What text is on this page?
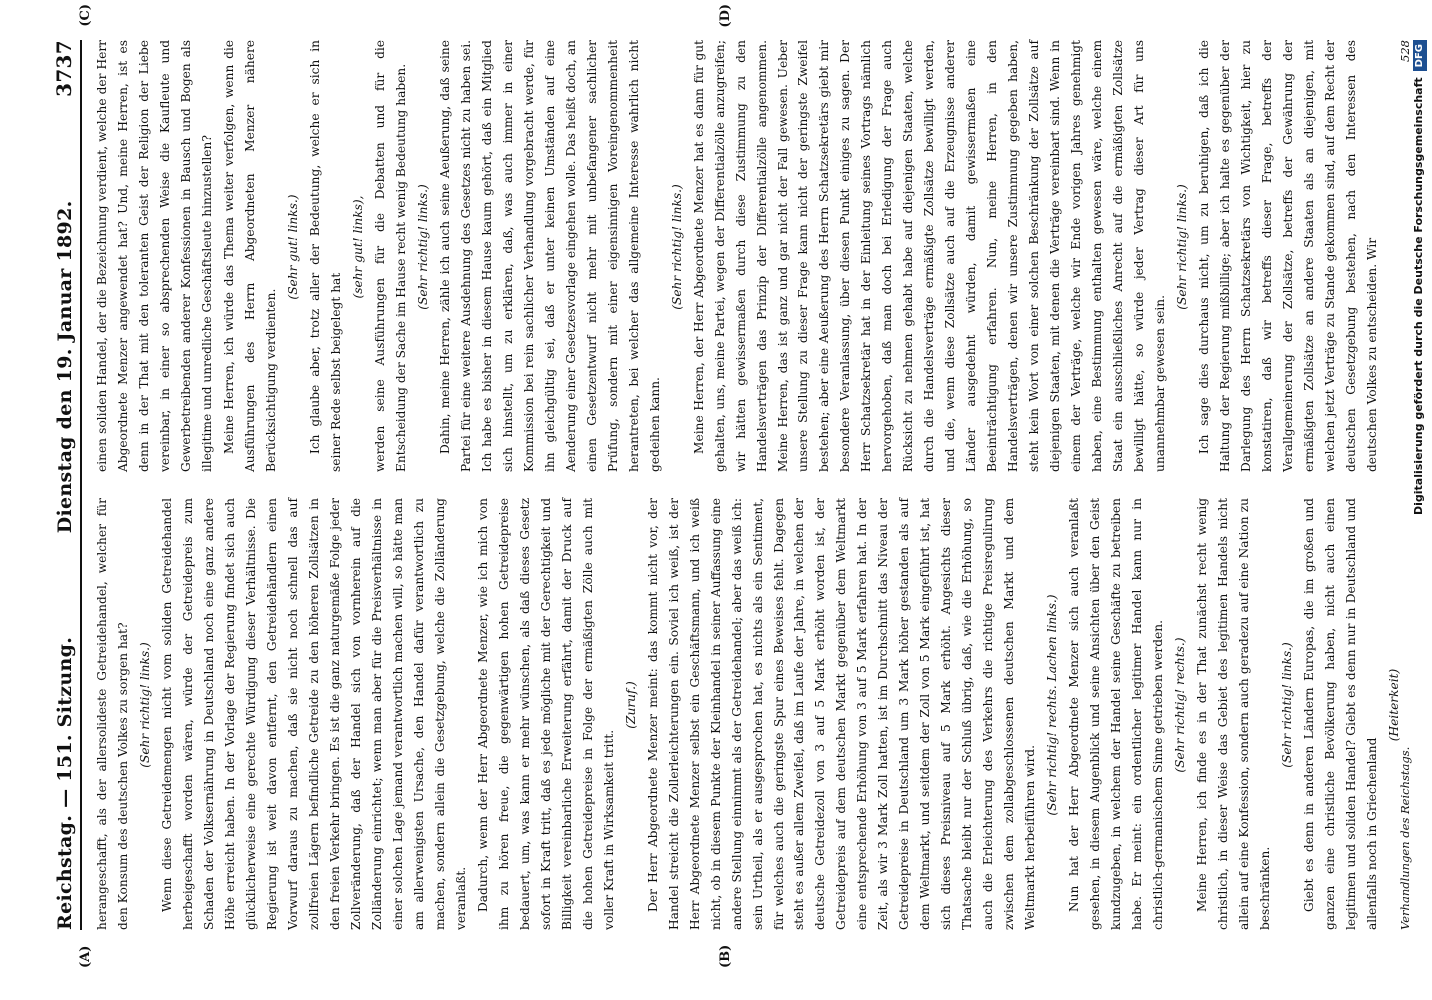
Reichstag. — 151. Sitzung.
Dienstag den 19. Januar 1892.
3737
(A)	(B)
(C)	(D)

herangeschafft, als der allersolideste Getreidehandel, welcher für den Konsum des deutschen Volkes zu sorgen hat? (Sehr richtig! links.) Wenn diese Getreidemengen nicht vom soliden Getreidehandel herbeigeschafft worden wären, würde der Getreidepreis zum Schaden der Volksernährung in Deutschland noch eine ganz andere Höhe erreicht haben. In der Vorlage der Regierung findet sich auch glücklicherweise eine gerechte Würdigung dieser Verhältnisse. Die Regierung ist weit davon entfernt, den Getreidehändlern einen Vorwurf daraus zu machen, daß sie nicht noch schnell das auf zollfreien Lägern befindliche Getreide zu den höheren Zollsätzen in den freien Verkehr bringen. Es ist die ganz naturgemäße Folge jeder Zollveränderung, daß der Handel sich von vornherein auf die Zolländerung einrichtet; wenn man aber für die Preisverhältnisse in einer solchen Lage jemand verantwortlich machen will, so hätte man am allerwenigsten Ursache, den Handel dafür verantwortlich zu machen, sondern allein die Gesetzgebung, welche die Zolländerung veranlaßt. Dadurch, wenn der Herr Abgeordnete Menzer, wie ich mich von ihm zu hören freue, die gegenwärtigen hohen Getreidepreise bedauert, um, was kann er mehr wünschen, als daß dieses Gesetz sofort in Kraft tritt, daß es jede mögliche mit der Gerechtigkeit und Billigkeit vereinbarliche Erweiterung erfährt, damit der Druck auf die hohen Getreidepreise in Folge der ermäßigten Zölle auch mit voller Kraft in Wirksamkeit tritt.

(Zuruf.) Der Herr Abgeordnete Menzer meint: das kommt nicht vor, der Handel streicht die Zollerleichterungen ein. Soviel ich weiß, ist der Herr Abgeordnete Menzer selbst ein Geschäftsmann, und ich weiß nicht, ob in diesem Punkte der Kleinhandel in seiner Auffassung eine andere Stellung einnimmt als der Getreidehandel; aber das weiß ich: sein Urtheil, als er ausgesprochen hat, es nichts als ein Sentiment, für welches auch die geringste Spur eines Beweises fehlt. Dagegen steht es außer allem Zweifel, daß im Laufe der Jahre, in welchen der deutsche Getreidezoll von 3 auf 5 Mark erhöht worden ist, der Getreidepreis auf dem deutschen Markt gegenüber dem Weltmarkt eine entsprechende Erhöhung von 3 auf 5 Mark erfahren hat. In der Zeit, als wir 3 Mark Zoll hatten, ist im Durchschnitt das Niveau der Getreidepreise in Deutschland um 3 Mark höher gestanden als auf dem Weltmarkt, und seitdem der Zoll von 5 Mark eingeführt ist, hat sich dieses Preisniveau auf 5 Mark erhöht. Angesichts dieser Thatsache bleibt nur der Schluß übrig, daß, wie die Erhöhung, so auch die Erleichterung des Verkehrs die richtige Preisregulirung zwischen dem zollabgeschlossenen deutschen Markt und dem Weltmarkt herbeiführen wird.

(Sehr richtig! rechts. Lachen links.) Nun hat der Herr Abgeordnete Menzer sich auch veranlaßt gesehen, in diesem Augenblick und seine Ansichten über den Geist kundzugeben, in welchem der Handel seine Geschäfte zu betreiben habe. Er meint: ein ordentlicher legitimer Handel kann nur in christlich-germanischem Sinne getrieben werden. (Sehr richtig! rechts.) Meine Herren, ich finde es in der That zunächst recht wenig christlich, in dieser Weise das Gebiet des legitimen Handels nicht allein auf eine Konfession, sondern auch geradezu auf eine Nation zu beschränken.

(Sehr richtig! links.) Giebt es denn in anderen Ländern Europas, die im großen und ganzen eine christliche Bevölkerung haben, nicht auch einen legitimen und soliden Handel? Giebt es denn nur in Deutschland und allenfalls noch in Griechenland

(Heiterkeit)

einen soliden Handel, der die Bezeichnung verdient, welche der Herr Abgeordnete Menzer angewendet hat? Und, meine Herren, ist es denn in der That mit den toleranten Geist der Religion der Liebe vereinbar, in einer so absprechenden Weise die Kaufleute und Gewerbetreibenden anderer Konfessionen in Bausch und Bogen als illegitime und unredliche Geschäftsleute hinzustellen? Meine Herren, ich würde das Thema weiter verfolgen, wenn die Ausführungen des Herrn Abgeordneten Menzer nähere Berücksichtigung verdienten.

(Sehr gut! links.) Ich glaube aber, trotz aller der Bedeutung, welche er sich in seiner Rede selbst beigelegt hat

(sehr gut! links), werden seine Ausführungen für die Debatten und für die Entscheidung der Sache im Hause recht wenig Bedeutung haben. (Sehr richtig! links.) Dahin, meine Herren, zähle ich auch seine Aeußerung, daß seine Partei für eine weitere Ausdehnung des Gesetzes nicht zu haben sei. Ich habe es bisher in diesem Hause kaum gehört, daß ein Mitglied sich hinstellt, um zu erklären, daß, was auch immer in einer Kommission bei rein sachlicher Verhandlung vorgebracht werde, für ihn gleichgültig sei, daß er unter keinen Umständen auf eine Aenderung einer Gesetzesvorlage eingehen wolle. Das heißt doch, an einen Gesetzentwurf nicht mehr mit unbefangener sachlicher Prüfung, sondern mit einer eigensinnigen Voreingenommenheit herantreten, bei welcher das allgemeine Interesse wahrlich nicht gedeihen kann.

(Sehr richtig! links.) Meine Herren, der Herr Abgeordnete Menzer hat es dann für gut gehalten, uns, meine Partei, wegen der Differentialzölle anzugreifen; wir hätten gewissermaßen durch diese Zustimmung zu den Handelsverträgen das Prinzip der Differentialzölle angenommen. Meine Herren, das ist ganz und gar nicht der Fall gewesen. Ueber unsere Stellung zu dieser Frage kann nicht der geringste Zweifel bestehen; aber eine Aeußerung des Herrn Schatzsekretärs giebt mir besondere Veranlassung, über diesen Punkt einiges zu sagen. Der Herr Schatzsekretär hat in der Einleitung seines Vortrags nämlich hervorgehoben, daß man doch bei Erledigung der Frage auch Rücksicht zu nehmen gehabt habe auf diejenigen Staaten, welche durch die Handelsverträge ermäßigte Zollsätze bewilligt werden, und die, wenn diese Zollsätze auch auf die Erzeugnisse anderer Länder ausgedehnt würden, damit gewissermaßen eine Beeinträchtigung erfahren. Nun, meine Herren, in den Handelsverträgen, denen wir unsere Zustimmung gegeben haben, steht kein Wort von einer solchen Beschränkung der Zollsätze auf diejenigen Staaten, mit denen die Verträge vereinbart sind. Wenn in einem der Verträge, welche wir Ende vorigen Jahres genehmigt haben, eine Bestimmung enthalten gewesen wäre, welche einem Staat ein ausschließliches Anrecht auf die ermäßigten Zollsätze bewilligt hätte, so würde jeder Vertrag dieser Art für uns unannehmbar gewesen sein.

(Sehr richtig! links.) Ich sage dies durchaus nicht, um zu beruhigen, daß ich die Haltung der Regierung mißbillige; aber ich halte es gegenüber der Darlegung des Herrn Schatzsekretärs von Wichtigkeit, hier zu konstatiren, daß wir betreffs dieser Frage, betreffs der Verallgemeinerung der Zollsätze, betreffs der Gewährung der ermäßigten Zollsätze an andere Staaten als an diejenigen, mit welchen jetzt Verträge zu Stande gekommen sind, auf dem Recht der deutschen Gesetzgebung bestehen, nach den Interessen des deutschen Volkes zu entscheiden. Wir

Verhandlungen des Reichstags.
528
Digitalisierung gefördert durch die Deutsche ForschungsgemeinschaftDFG
